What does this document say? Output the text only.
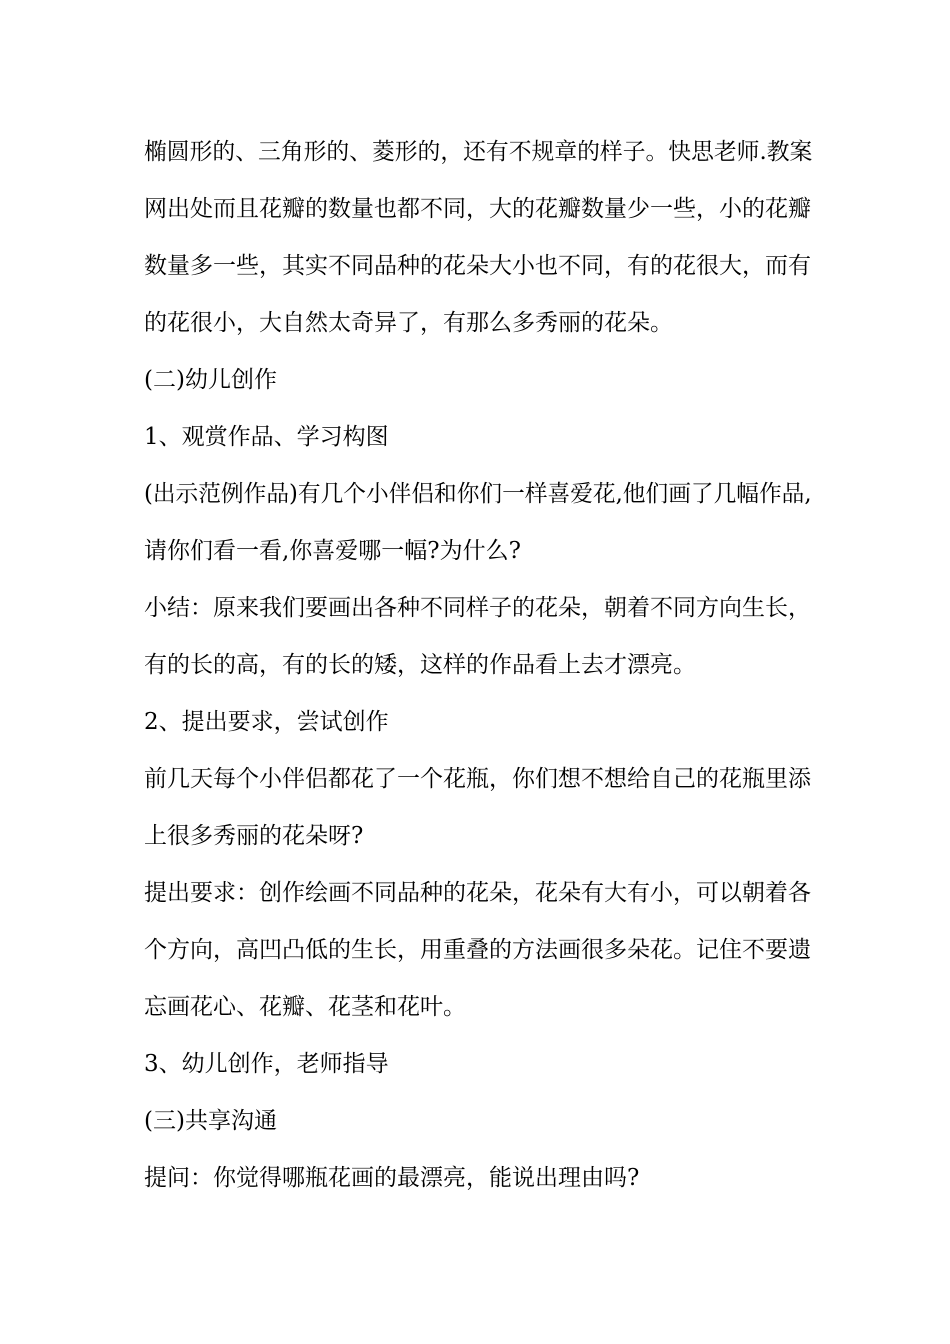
椭圆形的、三角形的、菱形的，还有不规章的样子。快思老师.教案
网出处而且花瓣的数量也都不同，大的花瓣数量少一些，小的花瓣
数量多一些，其实不同品种的花朵大小也不同，有的花很大，而有
的花很小，大自然太奇异了，有那么多秀丽的花朵。
(二)幼儿创作
1、观赏作品、学习构图
(出示范例作品)有几个小伴侣和你们一样喜爱花,他们画了几幅作品,
请你们看一看,你喜爱哪一幅?为什么?
小结：原来我们要画出各种不同样子的花朵，朝着不同方向生长，
有的长的高，有的长的矮，这样的作品看上去才漂亮。
2、提出要求，尝试创作
前几天每个小伴侣都花了一个花瓶，你们想不想给自己的花瓶里添
上很多秀丽的花朵呀?
提出要求：创作绘画不同品种的花朵，花朵有大有小，可以朝着各
个方向，高凹凸低的生长，用重叠的方法画很多朵花。记住不要遗
忘画花心、花瓣、花茎和花叶。
3、幼儿创作，老师指导
(三)共享沟通
提问：你觉得哪瓶花画的最漂亮，能说出理由吗?
